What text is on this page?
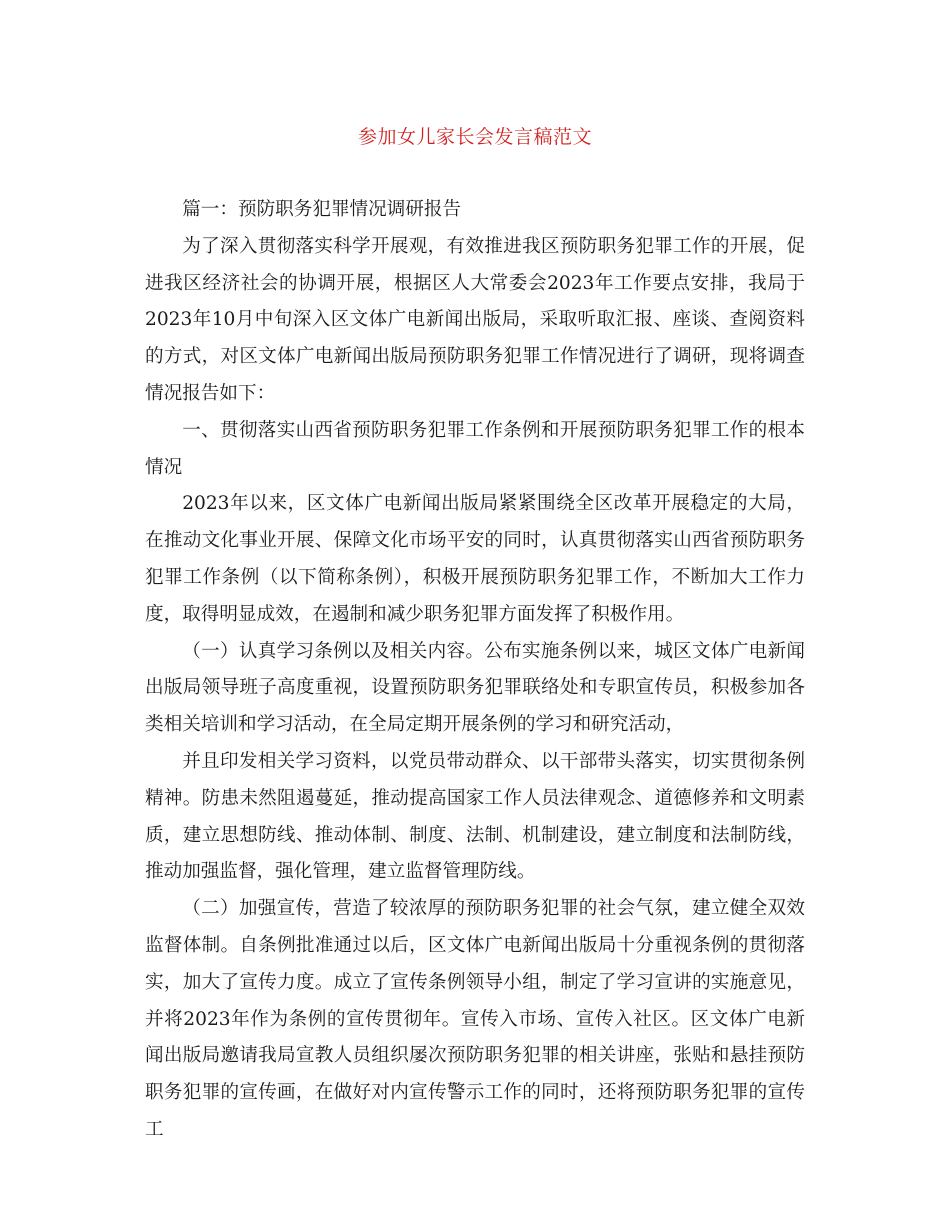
参加女儿家长会发言稿范文

篇一：预防职务犯罪情况调研报告

为了深入贯彻落实科学开展观，有效推进我区预防职务犯罪工作的开展，促进我区经济社会的协调开展，根据区人大常委会2023年工作要点安排，我局于2023年10月中旬深入区文体广电新闻出版局，采取听取汇报、座谈、查阅资料的方式，对区文体广电新闻出版局预防职务犯罪工作情况进行了调研，现将调查情况报告如下：

一、贯彻落实山西省预防职务犯罪工作条例和开展预防职务犯罪工作的根本情况

2023年以来，区文体广电新闻出版局紧紧围绕全区改革开展稳定的大局，在推动文化事业开展、保障文化市场平安的同时，认真贯彻落实山西省预防职务犯罪工作条例（以下简称条例），积极开展预防职务犯罪工作，不断加大工作力度，取得明显成效，在遏制和减少职务犯罪方面发挥了积极作用。

（一）认真学习条例以及相关内容。公布实施条例以来，城区文体广电新闻出版局领导班子高度重视，设置预防职务犯罪联络处和专职宣传员，积极参加各类相关培训和学习活动，在全局定期开展条例的学习和研究活动，

并且印发相关学习资料，以党员带动群众、以干部带头落实，切实贯彻条例精神。防患未然阻遏蔓延，推动提高国家工作人员法律观念、道德修养和文明素质，建立思想防线、推动体制、制度、法制、机制建设，建立制度和法制防线，推动加强监督，强化管理，建立监督管理防线。

（二）加强宣传，营造了较浓厚的预防职务犯罪的社会气氛，建立健全双效监督体制。自条例批准通过以后，区文体广电新闻出版局十分重视条例的贯彻落实，加大了宣传力度。成立了宣传条例领导小组，制定了学习宣讲的实施意见，并将2023年作为条例的宣传贯彻年。宣传入市场、宣传入社区。区文体广电新闻出版局邀请我局宣教人员组织屡次预防职务犯罪的相关讲座，张贴和悬挂预防职务犯罪的宣传画，在做好对内宣传警示工作的同时，还将预防职务犯罪的宣传工
